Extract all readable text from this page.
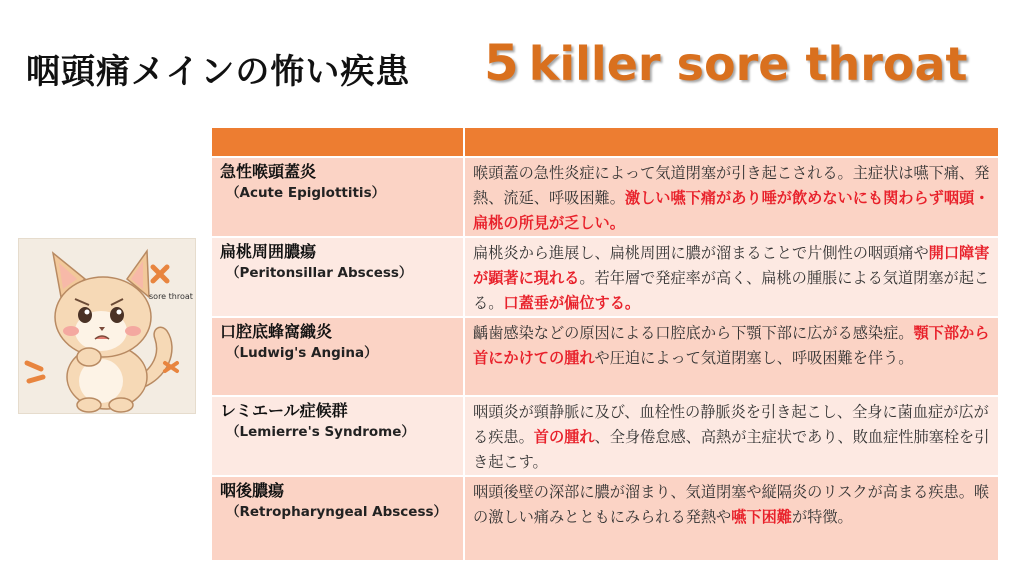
咽頭痛メインの怖い疾患 5 killer sore throat
sore throat

急性喉頭蓋炎
（Acute Epiglottitis）	喉頭蓋の急性炎症によって気道閉塞が引き起こされる。主症状は嚥下痛、発熱、流延、呼吸困難。激しい嚥下痛があり唾が飲めないにも関わらず咽頭・扁桃の所見が乏しい。

扁桃周囲膿瘍
（Peritonsillar Abscess）	扁桃炎から進展し、扁桃周囲に膿が溜まることで片側性の咽頭痛や開口障害が顕著に現れる。若年層で発症率が高く、扁桃の腫脹による気道閉塞が起こる。口蓋垂が偏位する。

口腔底蜂窩織炎
（Ludwig's Angina）	齲歯感染などの原因による口腔底から下顎下部に広がる感染症。顎下部から首にかけての腫れや圧迫によって気道閉塞し、呼吸困難を伴う。

レミエール症候群
（Lemierre's Syndrome）	咽頭炎が頸静脈に及び、血栓性の静脈炎を引き起こし、全身に菌血症が広がる疾患。首の腫れ、全身倦怠感、高熱が主症状であり、敗血症性肺塞栓を引き起こす。

咽後膿瘍
（Retropharyngeal Abscess）	咽頭後壁の深部に膿が溜まり、気道閉塞や縦隔炎のリスクが高まる疾患。喉の激しい痛みとともにみられる発熱や嚥下困難が特徴。
